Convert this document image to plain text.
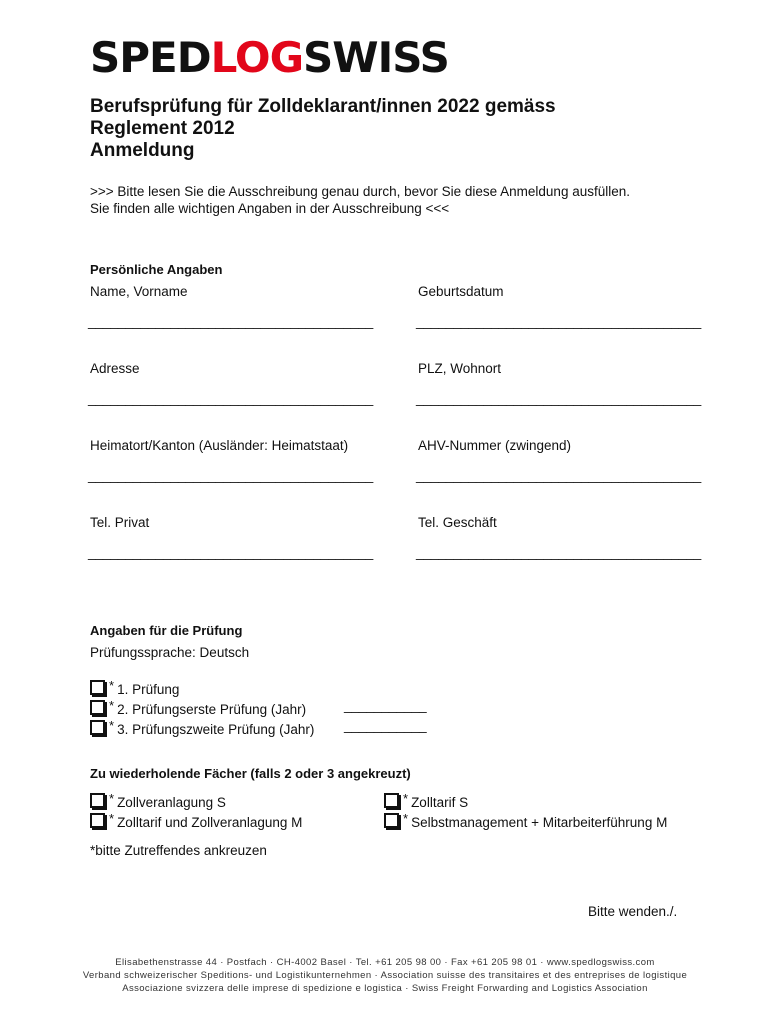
SPEDLOGSWISS
Berufsprüfung für Zolldeklarant/innen 2022 gemäss
Reglement 2012
Anmeldung
>>> Bitte lesen Sie die Ausschreibung genau durch, bevor Sie diese Anmeldung ausfüllen.
Sie finden alle wichtigen Angaben in der Ausschreibung <<<
Persönliche Angaben
Name, Vorname	Geburtsdatum
______________________________________	______________________________________
Adresse	PLZ, Wohnort
______________________________________	______________________________________
Heimatort/Kanton (Ausländer: Heimatstaat)	AHV-Nummer (zwingend)
______________________________________	______________________________________
Tel. Privat	Tel. Geschäft
______________________________________	______________________________________
Angaben für die Prüfung
Prüfungssprache: Deutsch
* 1. Prüfung
* 2. Prüfungserste Prüfung (Jahr)	___________
* 3. Prüfungszweite Prüfung (Jahr) ___________
Zu wiederholende Fächer (falls 2 oder 3 angekreuzt)
* Zollveranlagung S
* Zolltarif und Zollveranlagung M
* Zolltarif S
* Selbstmanagement + Mitarbeiterführung M
*bitte Zutreffendes ankreuzen
Bitte wenden./.
Elisabethenstrasse 44 · Postfach · CH-4002 Basel · Tel. +61 205 98 00 · Fax +61 205 98 01 · www.spedlogswiss.com
Verband schweizerischer Speditions- und Logistikunternehmen · Association suisse des transitaires et des entreprises de logistique
Associazione svizzera delle imprese di spedizione e logistica · Swiss Freight Forwarding and Logistics Association
